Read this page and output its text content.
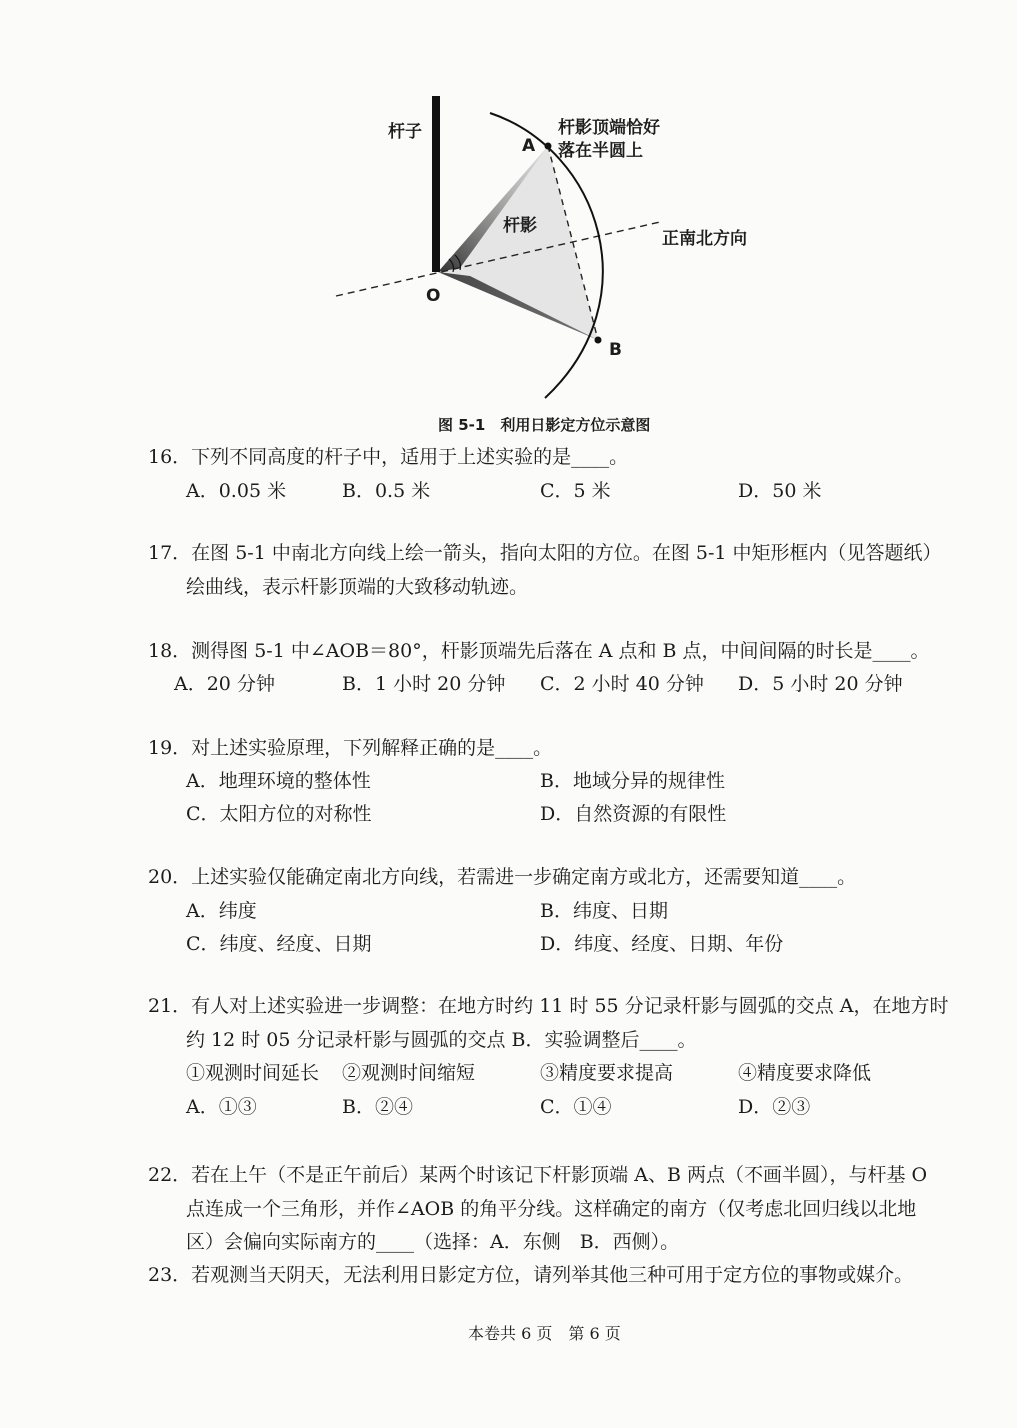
杆子
A
杆影顶端恰好
落在半圆上
杆影
正南北方向
O
B
图 5-1　利用日影定方位示意图
16．下列不同高度的杆子中，适用于上述实验的是____。
A．0.05 米	B．0.5 米	C．5 米	D．50 米
17．在图 5-1 中南北方向线上绘一箭头，指向太阳的方位。在图 5-1 中矩形框内（见答题纸）
绘曲线，表示杆影顶端的大致移动轨迹。
18．测得图 5-1 中∠AOB＝80°，杆影顶端先后落在 A 点和 B 点，中间间隔的时长是____。
A．20 分钟	B．1 小时 20 分钟 C．2 小时 40 分钟 D．5 小时 20 分钟
19．对上述实验原理，下列解释正确的是____。
A．地理环境的整体性	B．地域分异的规律性
C．太阳方位的对称性	D．自然资源的有限性
20．上述实验仅能确定南北方向线，若需进一步确定南方或北方，还需要知道____。
A．纬度	B．纬度、日期
C．纬度、经度、日期	D．纬度、经度、日期、年份
21．有人对上述实验进一步调整：在地方时约 11 时 55 分记录杆影与圆弧的交点 A，在地方时
约 12 时 05 分记录杆影与圆弧的交点 B．实验调整后____。
①观测时间延长 ②观测时间缩短	③精度要求提高	④精度要求降低
A．①③	B．②④	C．①④	D．②③
22．若在上午（不是正午前后）某两个时该记下杆影顶端 A、B 两点（不画半圆），与杆基 O
点连成一个三角形，并作∠AOB 的角平分线。这样确定的南方（仅考虑北回归线以北地
区）会偏向实际南方的____（选择：A．东侧　B．西侧）。
23．若观测当天阴天，无法利用日影定方位，请列举其他三种可用于定方位的事物或媒介。
本卷共 6 页　第 6 页
